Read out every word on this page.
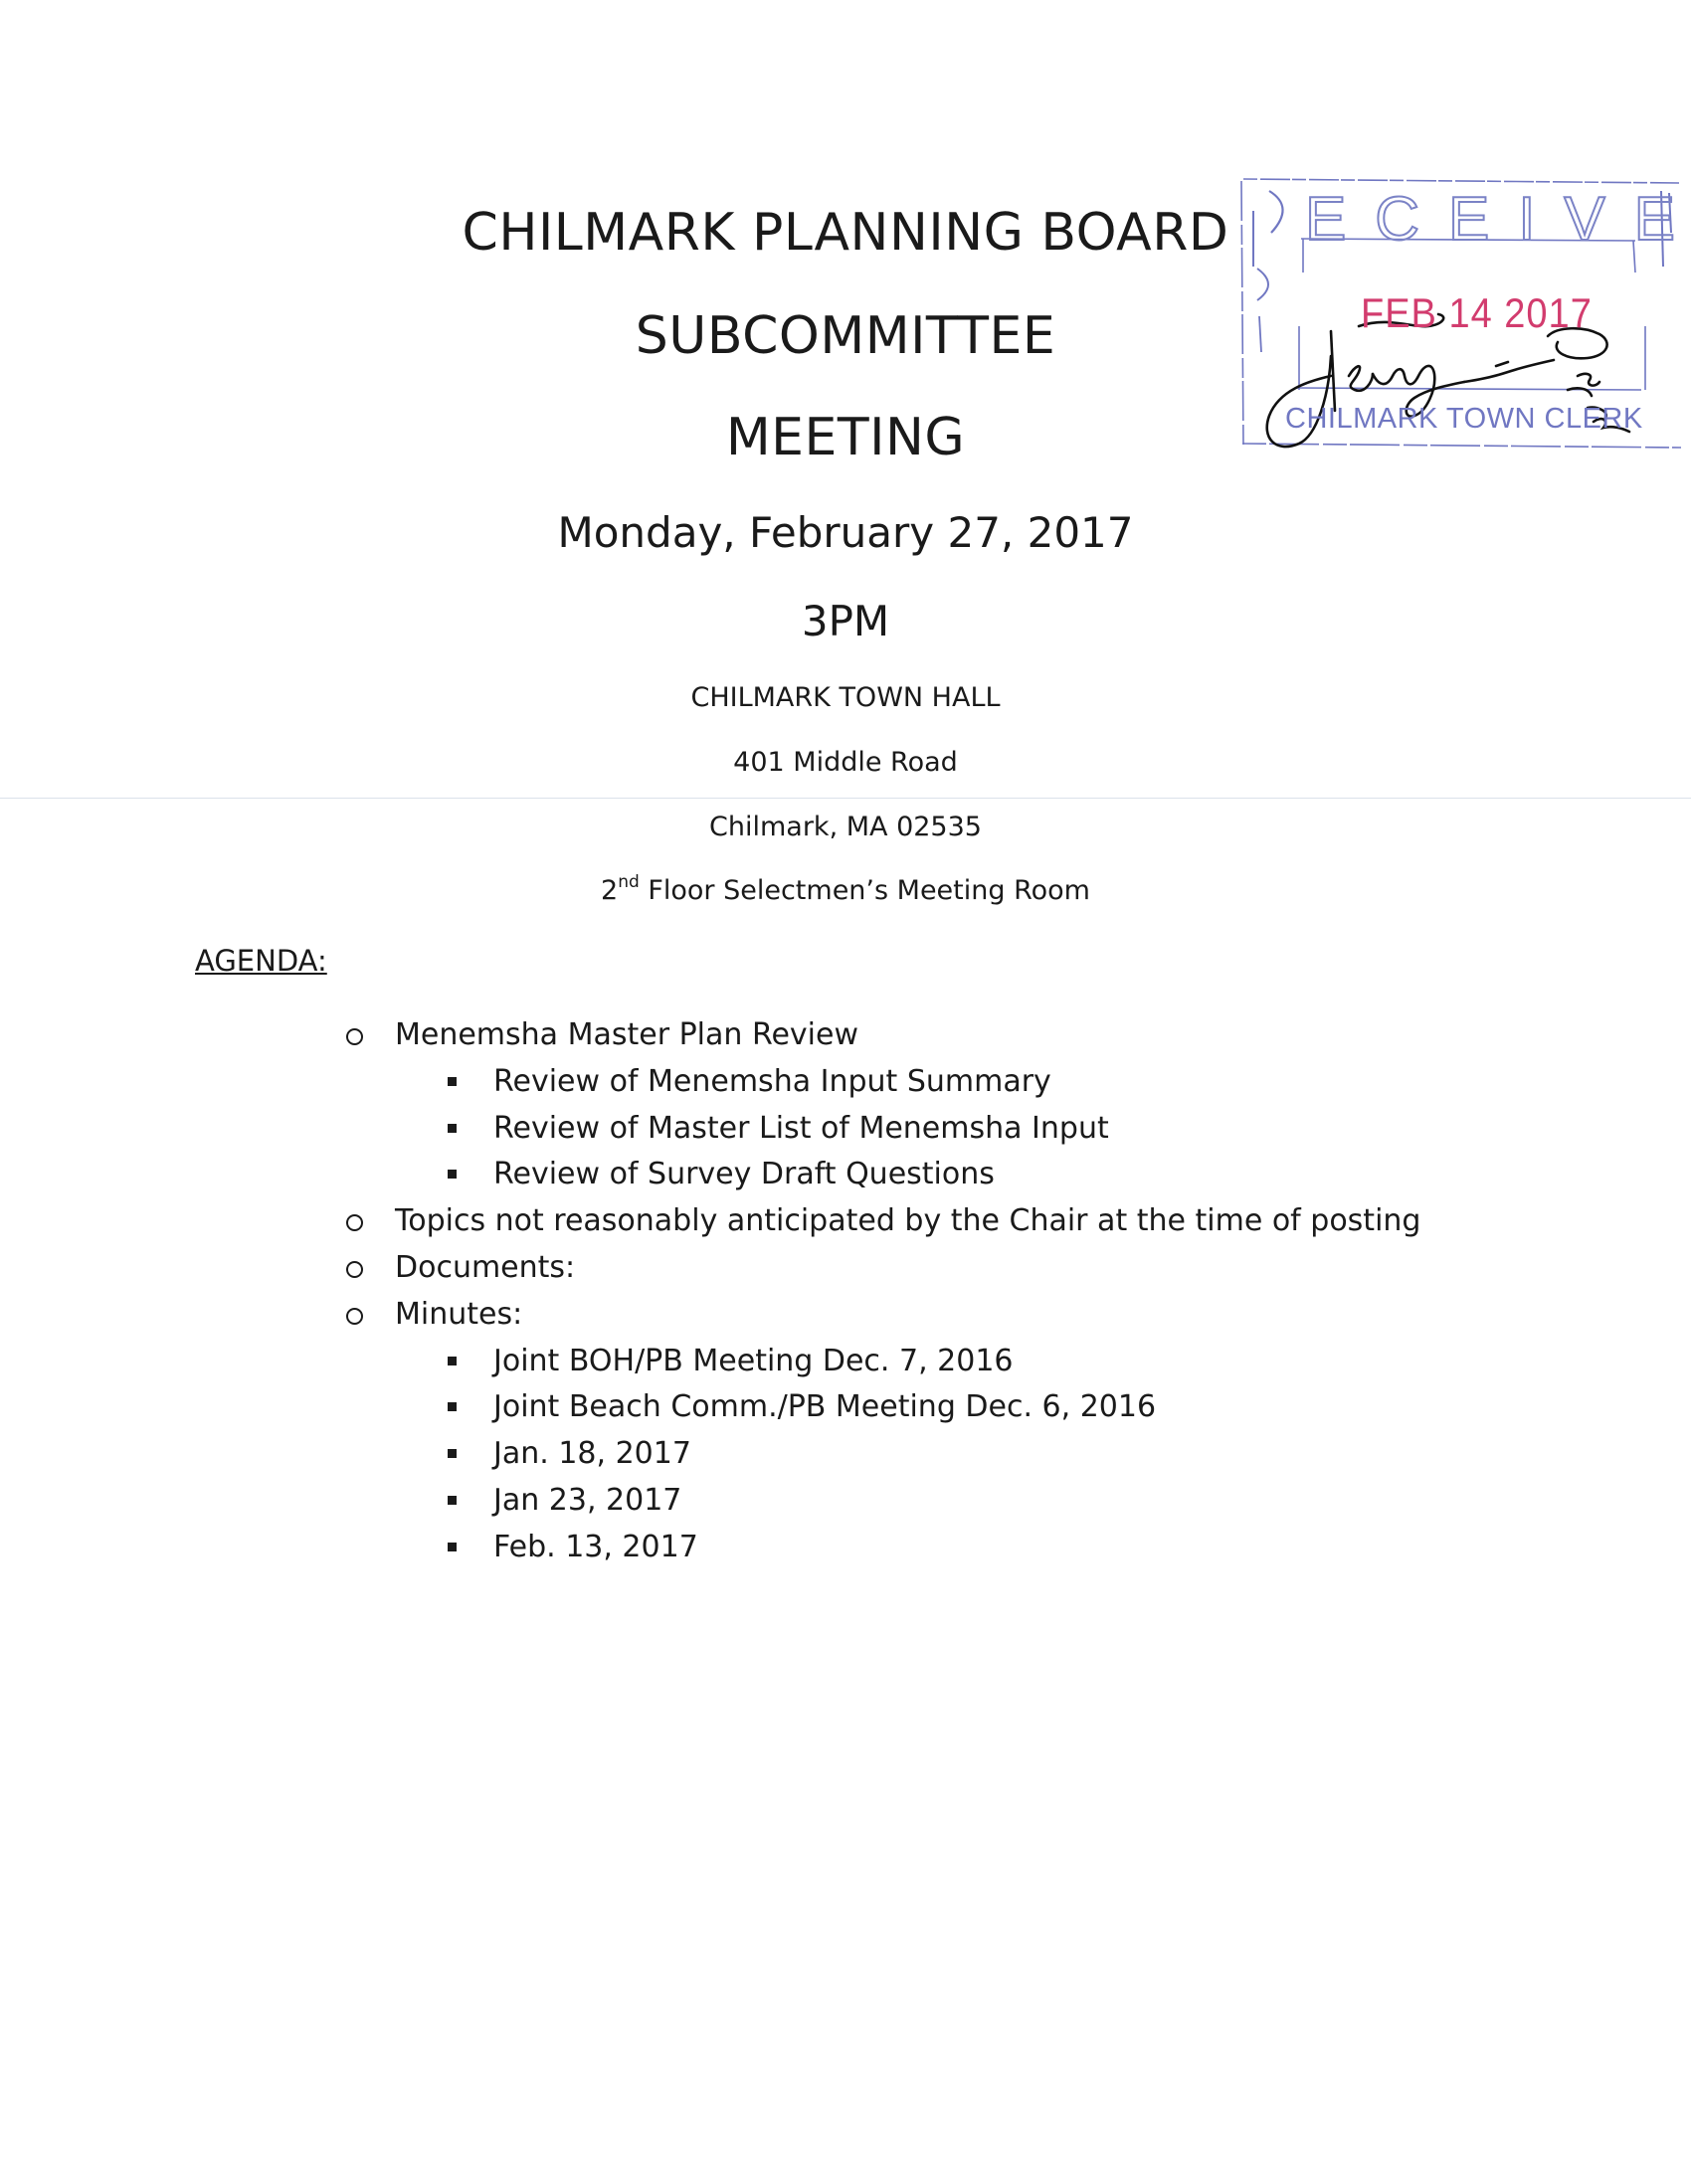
CHILMARK PLANNING BOARD
SUBCOMMITTEE
MEETING
Monday, February 27, 2017
3PM
CHILMARK TOWN HALL
401 Middle Road
Chilmark, MA 02535
2nd Floor Selectmen’s Meeting Room
E C E I V E
FEB 14 2017
CHILMARK TOWN CLERK
AGENDA:
Menemsha Master Plan Review
Review of Menemsha Input Summary
Review of Master List of Menemsha Input
Review of Survey Draft Questions
Topics not reasonably anticipated by the Chair at the time of posting
Documents:
Minutes:
Joint BOH/PB Meeting Dec. 7, 2016
Joint Beach Comm./PB Meeting Dec. 6, 2016
Jan. 18, 2017
Jan 23, 2017
Feb. 13, 2017
